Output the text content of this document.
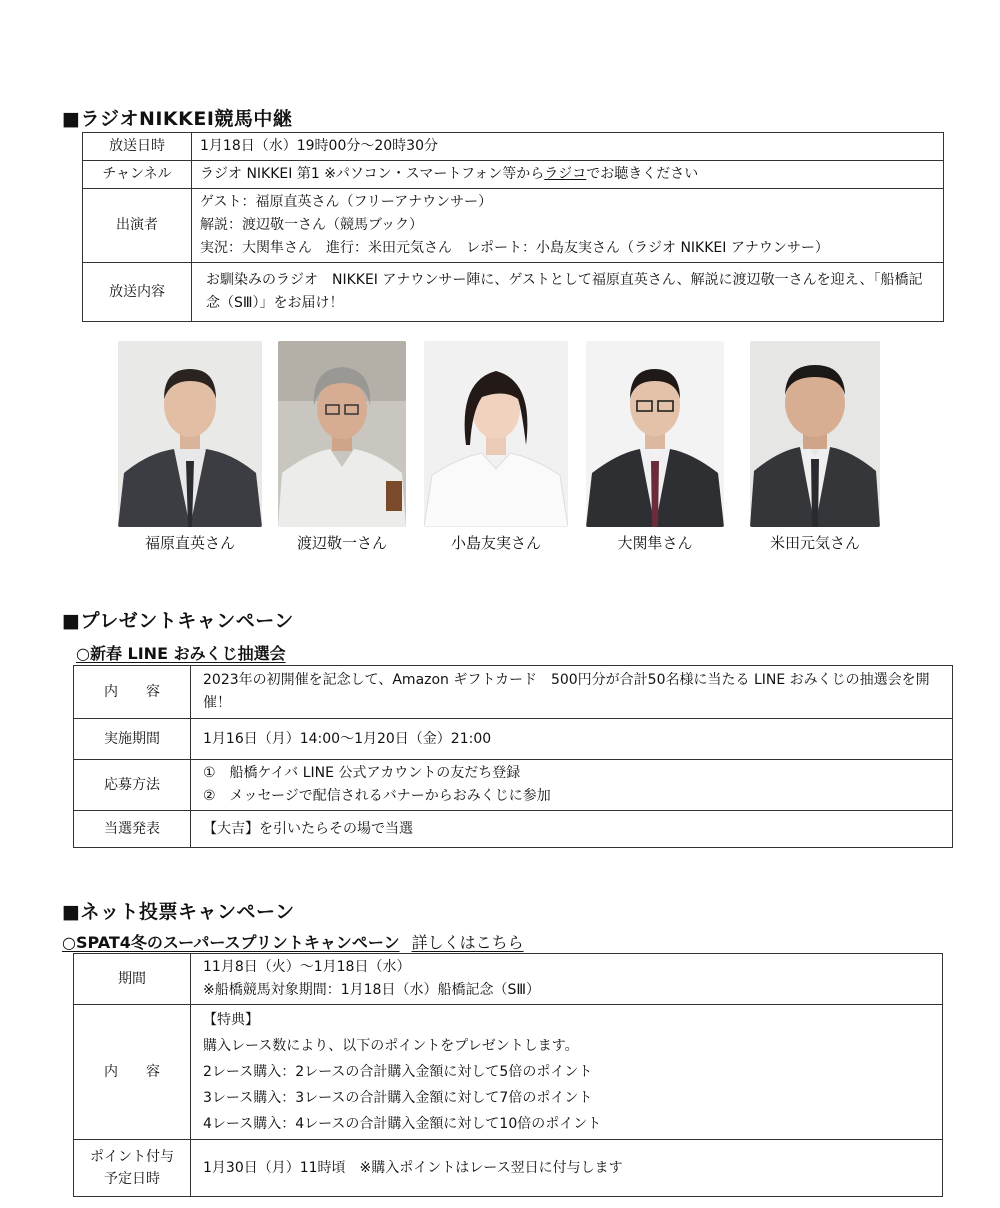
■ラジオNIKKEI競馬中継
放送日時	1月18日（水）19時00分～20時30分
チャンネル	ラジオ NIKKEI 第1 ※パソコン・スマートフォン等からラジコでお聴きください
出演者	ゲスト：福原直英さん（フリーアナウンサー）
解説：渡辺敬一さん（競馬ブック）
実況：大関隼さん　進行：米田元気さん　レポート：小島友実さん（ラジオ NIKKEI アナウンサー）

放送内容	お馴染みのラジオ　NIKKEI アナウンサー陣に、ゲストとして福原直英さん、解説に渡辺敬一さんを迎え、「船橋記念（SⅢ）」をお届け！
福原直英さん	渡辺敬一さん	小島友実さん	大関隼さん	米田元気さん
■プレゼントキャンペーン
○新春 LINE おみくじ抽選会
内　　容	2023年の初開催を記念して、Amazon ギフトカード　500円分が合計50名様に当たる LINE おみくじの抽選会を開催！
実施期間	1月16日（月）14:00～1月20日（金）21:00
応募方法	①　船橋ケイバ LINE 公式アカウントの友だち登録
②　メッセージで配信されるバナーからおみくじに参加

当選発表	【大吉】を引いたらその場で当選
■ネット投票キャンペーン
○SPAT4冬のスーパースプリントキャンペーン 詳しくはこちら
期間	11月8日（火）～1月18日（水）
※船橋競馬対象期間：1月18日（水）船橋記念（SⅢ）

内　　容	【特典】
購入レース数により、以下のポイントをプレゼントします。
2レース購入：2レースの合計購入金額に対して5倍のポイント
3レース購入：3レースの合計購入金額に対して7倍のポイント
4レース購入：4レースの合計購入金額に対して10倍のポイント

ポイント付与
予定日時	1月30日（月）11時頃　※購入ポイントはレース翌日に付与します
